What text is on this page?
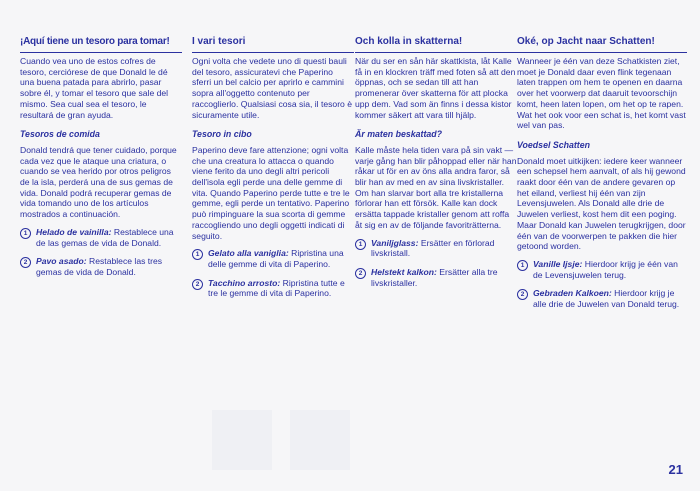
¡Aquí tiene un tesoro para tomar!

Cuando vea uno de estos cofres de tesoro, cerciórese de que Donald le dé una buena patada para abrirlo, pasar sobre él, y tomar el tesoro que sale del mismo. Sea cual sea el tesoro, le resultará de gran ayuda.

Tesoros de comida

Donald tendrá que tener cuidado, porque cada vez que le ataque una criatura, o cuando se vea herido por otros peligros de la isla, perderá una de sus gemas de vida. Donald podrá recuperar gemas de vida tomando uno de los artículos mostrados a continuación.

1	Helado de vainilla: Restablece una de las gemas de vida de Donald.
2	Pavo asado: Restablece las tres gemas de vida de Donald.
I vari tesori

Ogni volta che vedete uno di questi bauli del tesoro, assicuratevi che Paperino sferri un bel calcio per aprirlo e cammini sopra all'oggetto contenuto per raccoglierlo. Qualsiasi cosa sia, il tesoro è sicuramente utile.

Tesoro in cibo

Paperino deve fare attenzione; ogni volta che una creatura lo attacca o quando viene ferito da uno degli altri pericoli dell'isola egli perde una delle gemme di vita. Quando Paperino perde tutte e tre le gemme, egli perde un tentativo. Paperino può rimpinguare la sua scorta di gemme raccogliendo uno degli oggetti indicati di seguito.

1	Gelato alla vaniglia: Ripristina una delle gemme di vita di Paperino.
2	Tacchino arrosto: Ripristina tutte e tre le gemme di vita di Paperino.
Och kolla in skatterna!

När du ser en sån här skattkista, låt Kalle få in en klockren träff med foten så att den öppnas, och se sedan till att han promenerar över skatterna för att plocka upp dem. Vad som än finns i dessa kistor kommer säkert att vara till hjälp.

Är maten beskattad?

Kalle måste hela tiden vara på sin vakt — varje gång han blir påhoppad eller när han råkar ut för en av öns alla andra faror, så blir han av med en av sina livskristaller. Om han slarvar bort alla tre kristallerna förlorar han ett försök. Kalle kan dock ersätta tappade kristaller genom att roffa åt sig en av de följande favoriträtterna.

1	Vaniljglass: Ersätter en förlorad livskristall.
2	Helstekt kalkon: Ersätter alla tre livskristaller.
Oké, op Jacht naar Schatten!

Wanneer je één van deze Schatkisten ziet, moet je Donald daar even flink tegenaan laten trappen om hem te openen en daarna over het voorwerp dat daaruit tevoorschijn komt, heen laten lopen, om het op te rapen. Wat het ook voor een schat is, het komt vast wel van pas.

Voedsel Schatten

Donald moet uitkijken: iedere keer wanneer een schepsel hem aanvalt, of als hij gewond raakt door één van de andere gevaren op het eiland, verliest hij één van zijn Levensjuwelen. Als Donald alle drie de Juwelen verliest, kost hem dit een poging. Maar Donald kan Juwelen terugkrijgen, door één van de voorwerpen te pakken die hier getoond worden.

1	Vanille Ijsje: Hierdoor krijg je één van de Levensjuwelen terug.
2	Gebraden Kalkoen: Hierdoor krijg je alle drie de Juwelen van Donald terug.
21
